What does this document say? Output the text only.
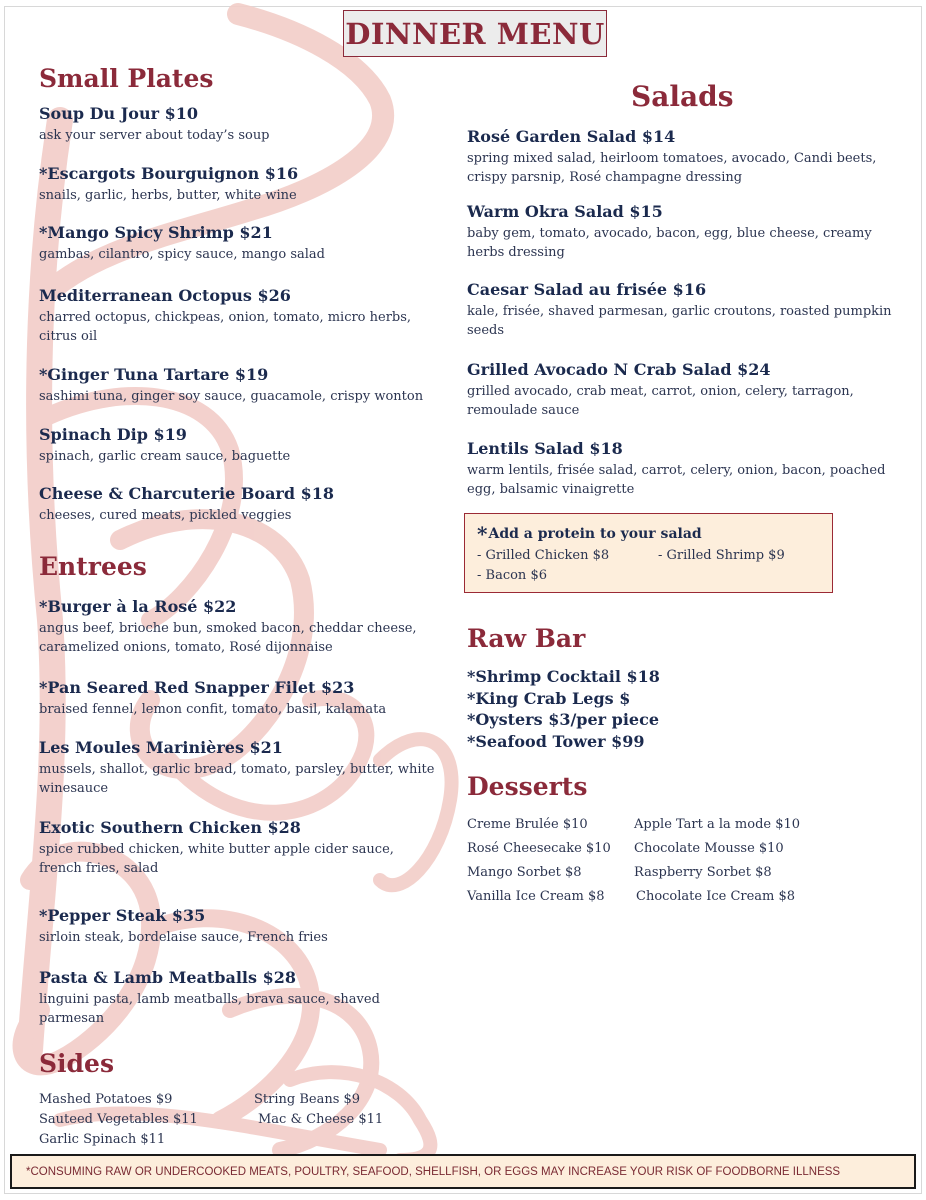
DINNER MENU
Small Plates
Soup Du Jour $10
ask your server about today’s soup
*Escargots Bourguignon $16
snails, garlic, herbs, butter, white wine
*Mango Spicy Shrimp $21
gambas, cilantro, spicy sauce, mango salad
Mediterranean Octopus $26
charred octopus, chickpeas, onion, tomato, micro herbs, citrus oil
*Ginger Tuna Tartare $19
sashimi tuna, ginger soy sauce, guacamole, crispy wonton
Spinach Dip $19
spinach, garlic cream sauce, baguette
Cheese & Charcuterie Board $18
cheeses, cured meats, pickled veggies
Entrees
*Burger à la Rosé $22
angus beef, brioche bun, smoked bacon, cheddar cheese, caramelized onions, tomato, Rosé dijonnaise
*Pan Seared Red Snapper Filet $23
braised fennel, lemon confit, tomato, basil, kalamata
Les Moules Marinières $21
mussels, shallot, garlic bread, tomato, parsley, butter, white winesauce
Exotic Southern Chicken $28
spice rubbed chicken, white butter apple cider sauce, french fries, salad
*Pepper Steak $35
sirloin steak, bordelaise sauce, French fries
Pasta & Lamb Meatballs $28
linguini pasta, lamb meatballs, brava sauce, shaved parmesan
Sides
Mashed Potatoes $9	String Beans $9
Sauteed Vegetables $11	Mac & Cheese $11
Garlic Spinach $11
Salads
Rosé Garden Salad $14
spring mixed salad, heirloom tomatoes, avocado, Candi beets, crispy parsnip, Rosé champagne dressing
Warm Okra Salad $15
baby gem, tomato, avocado, bacon, egg, blue cheese, creamy herbs dressing
Caesar Salad au frisée $16
kale, frisée, shaved parmesan, garlic croutons, roasted pumpkin seeds
Grilled Avocado N Crab Salad $24
grilled avocado, crab meat, carrot, onion, celery, tarragon, remoulade sauce
Lentils Salad $18
warm lentils, frisée salad, carrot, celery, onion, bacon, poached egg, balsamic vinaigrette
*Add a protein to your salad
- Grilled Chicken $8	- Grilled Shrimp $9
- Bacon $6
Raw Bar
*Shrimp Cocktail $18
*King Crab Legs $
*Oysters $3/per piece
*Seafood Tower $99
Desserts
Creme Brulée $10	Apple Tart a la mode $10
Rosé Cheesecake $10	Chocolate Mousse $10
Mango Sorbet $8	Raspberry Sorbet $8
Vanilla Ice Cream $8	Chocolate Ice Cream $8
*CONSUMING RAW OR UNDERCOOKED MEATS, POULTRY, SEAFOOD, SHELLFISH, OR EGGS MAY INCREASE YOUR RISK OF FOODBORNE ILLNESS
